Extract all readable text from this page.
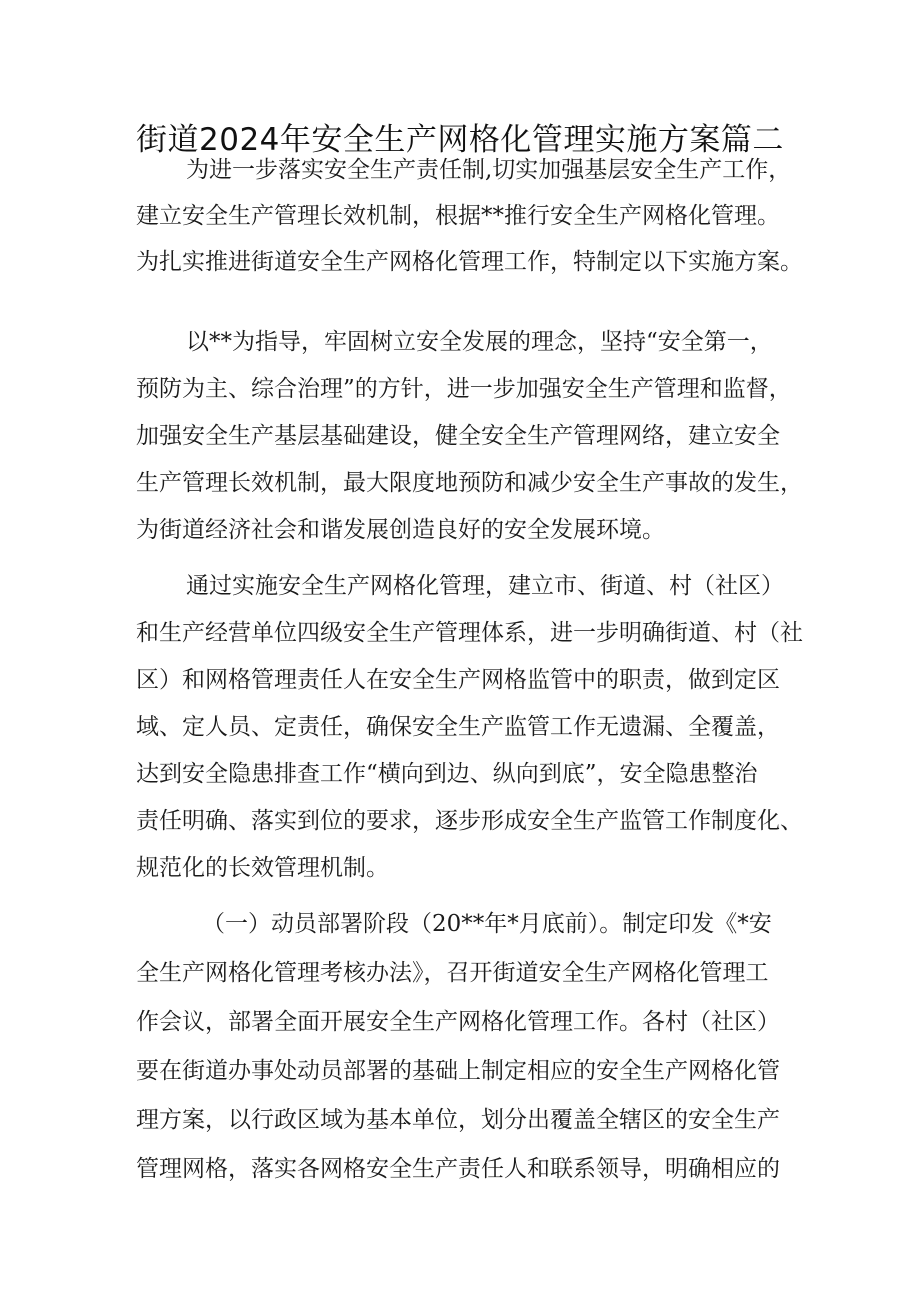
街道2024年安全生产网格化管理实施方案篇二
为进一步落实安全生产责任制,切实加强基层安全生产工作，
建立安全生产管理长效机制，根据**推行安全生产网格化管理。
为扎实推进街道安全生产网格化管理工作，特制定以下实施方案。
以**为指导，牢固树立安全发展的理念，坚持“安全第一，
预防为主、综合治理”的方针，进一步加强安全生产管理和监督，
加强安全生产基层基础建设，健全安全生产管理网络，建立安全
生产管理长效机制，最大限度地预防和减少安全生产事故的发生，
为街道经济社会和谐发展创造良好的安全发展环境。
通过实施安全生产网格化管理，建立市、街道、村（社区）
和生产经营单位四级安全生产管理体系，进一步明确街道、村（社
区）和网格管理责任人在安全生产网格监管中的职责，做到定区
域、定人员、定责任，确保安全生产监管工作无遗漏、全覆盖，
达到安全隐患排查工作“横向到边、纵向到底”，安全隐患整治
责任明确、落实到位的要求，逐步形成安全生产监管工作制度化、
规范化的长效管理机制。
（一）动员部署阶段（20**年*月底前）。制定印发《*安
全生产网格化管理考核办法》，召开街道安全生产网格化管理工
作会议，部署全面开展安全生产网格化管理工作。各村（社区）
要在街道办事处动员部署的基础上制定相应的安全生产网格化管
理方案，以行政区域为基本单位，划分出覆盖全辖区的安全生产
管理网格，落实各网格安全生产责任人和联系领导，明确相应的
